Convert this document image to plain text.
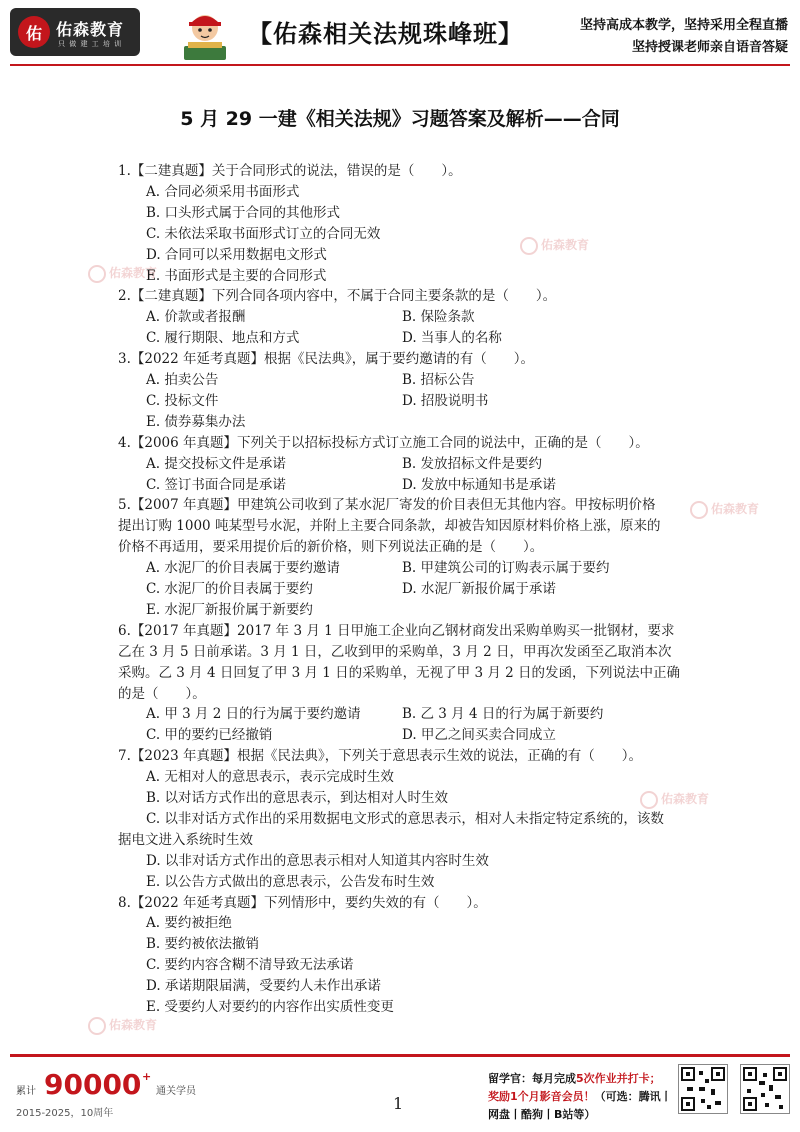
佑 佑森教育
只 做 建 工 培 训	【佑森相关法规珠峰班】	坚持高成本教学，坚持采用全程直播
坚持授课老师亲自语音答疑
佑森教育
佑森教育
佑森教育
佑森教育
佑森教育
5 月 29 一建《相关法规》习题答案及解析——合同
1.【二建真题】关于合同形式的说法，错误的是（　　）。
A. 合同必须采用书面形式
B. 口头形式属于合同的其他形式
C. 未依法采取书面形式订立的合同无效
D. 合同可以采用数据电文形式
E. 书面形式是主要的合同形式
2.【二建真题】下列合同各项内容中，不属于合同主要条款的是（　　）。
A. 价款或者报酬	B. 保险条款
C. 履行期限、地点和方式	D. 当事人的名称
3.【2022 年延考真题】根据《民法典》，属于要约邀请的有（　　）。
A. 拍卖公告	B. 招标公告
C. 投标文件	D. 招股说明书
E. 债券募集办法
4.【2006 年真题】下列关于以招标投标方式订立施工合同的说法中，正确的是（　　）。
A. 提交投标文件是承诺	B. 发放招标文件是要约
C. 签订书面合同是承诺	D. 发放中标通知书是承诺
5.【2007 年真题】甲建筑公司收到了某水泥厂寄发的价目表但无其他内容。甲按标明价格
提出订购 1000 吨某型号水泥，并附上主要合同条款，却被告知因原材料价格上涨，原来的
价格不再适用，要采用提价后的新价格，则下列说法正确的是（　　）。
A. 水泥厂的价目表属于要约邀请	B. 甲建筑公司的订购表示属于要约
C. 水泥厂的价目表属于要约	D. 水泥厂新报价属于承诺
E. 水泥厂新报价属于新要约
6.【2017 年真题】2017 年 3 月 1 日甲施工企业向乙钢材商发出采购单购买一批钢材，要求
乙在 3 月 5 日前承诺。3 月 1 日，乙收到甲的采购单，3 月 2 日，甲再次发函至乙取消本次
采购。乙 3 月 4 日回复了甲 3 月 1 日的采购单，无视了甲 3 月 2 日的发函，下列说法中正确
的是（　　）。
A. 甲 3 月 2 日的行为属于要约邀请	B. 乙 3 月 4 日的行为属于新要约
C. 甲的要约已经撤销	D. 甲乙之间买卖合同成立
7.【2023 年真题】根据《民法典》，下列关于意思表示生效的说法，正确的有（　　）。
A. 无相对人的意思表示，表示完成时生效
B. 以对话方式作出的意思表示，到达相对人时生效
C. 以非对话方式作出的采用数据电文形式的意思表示，相对人未指定特定系统的，该数
据电文进入系统时生效
D. 以非对话方式作出的意思表示相对人知道其内容时生效
E. 以公告方式做出的意思表示，公告发布时生效
8.【2022 年延考真题】下列情形中，要约失效的有（　　）。
A. 要约被拒绝
B. 要约被依法撤销
C. 要约内容含糊不清导致无法承诺
D. 承诺期限届满，受要约人未作出承诺
E. 受要约人对要约的内容作出实质性变更
累计 90000 +
通关学员
2015-2025，10周年
1
留学官：每月完成5次作业并打卡；
奖励1个月影音会员！（可选：腾讯丨
网盘丨酷狗丨B站等）
